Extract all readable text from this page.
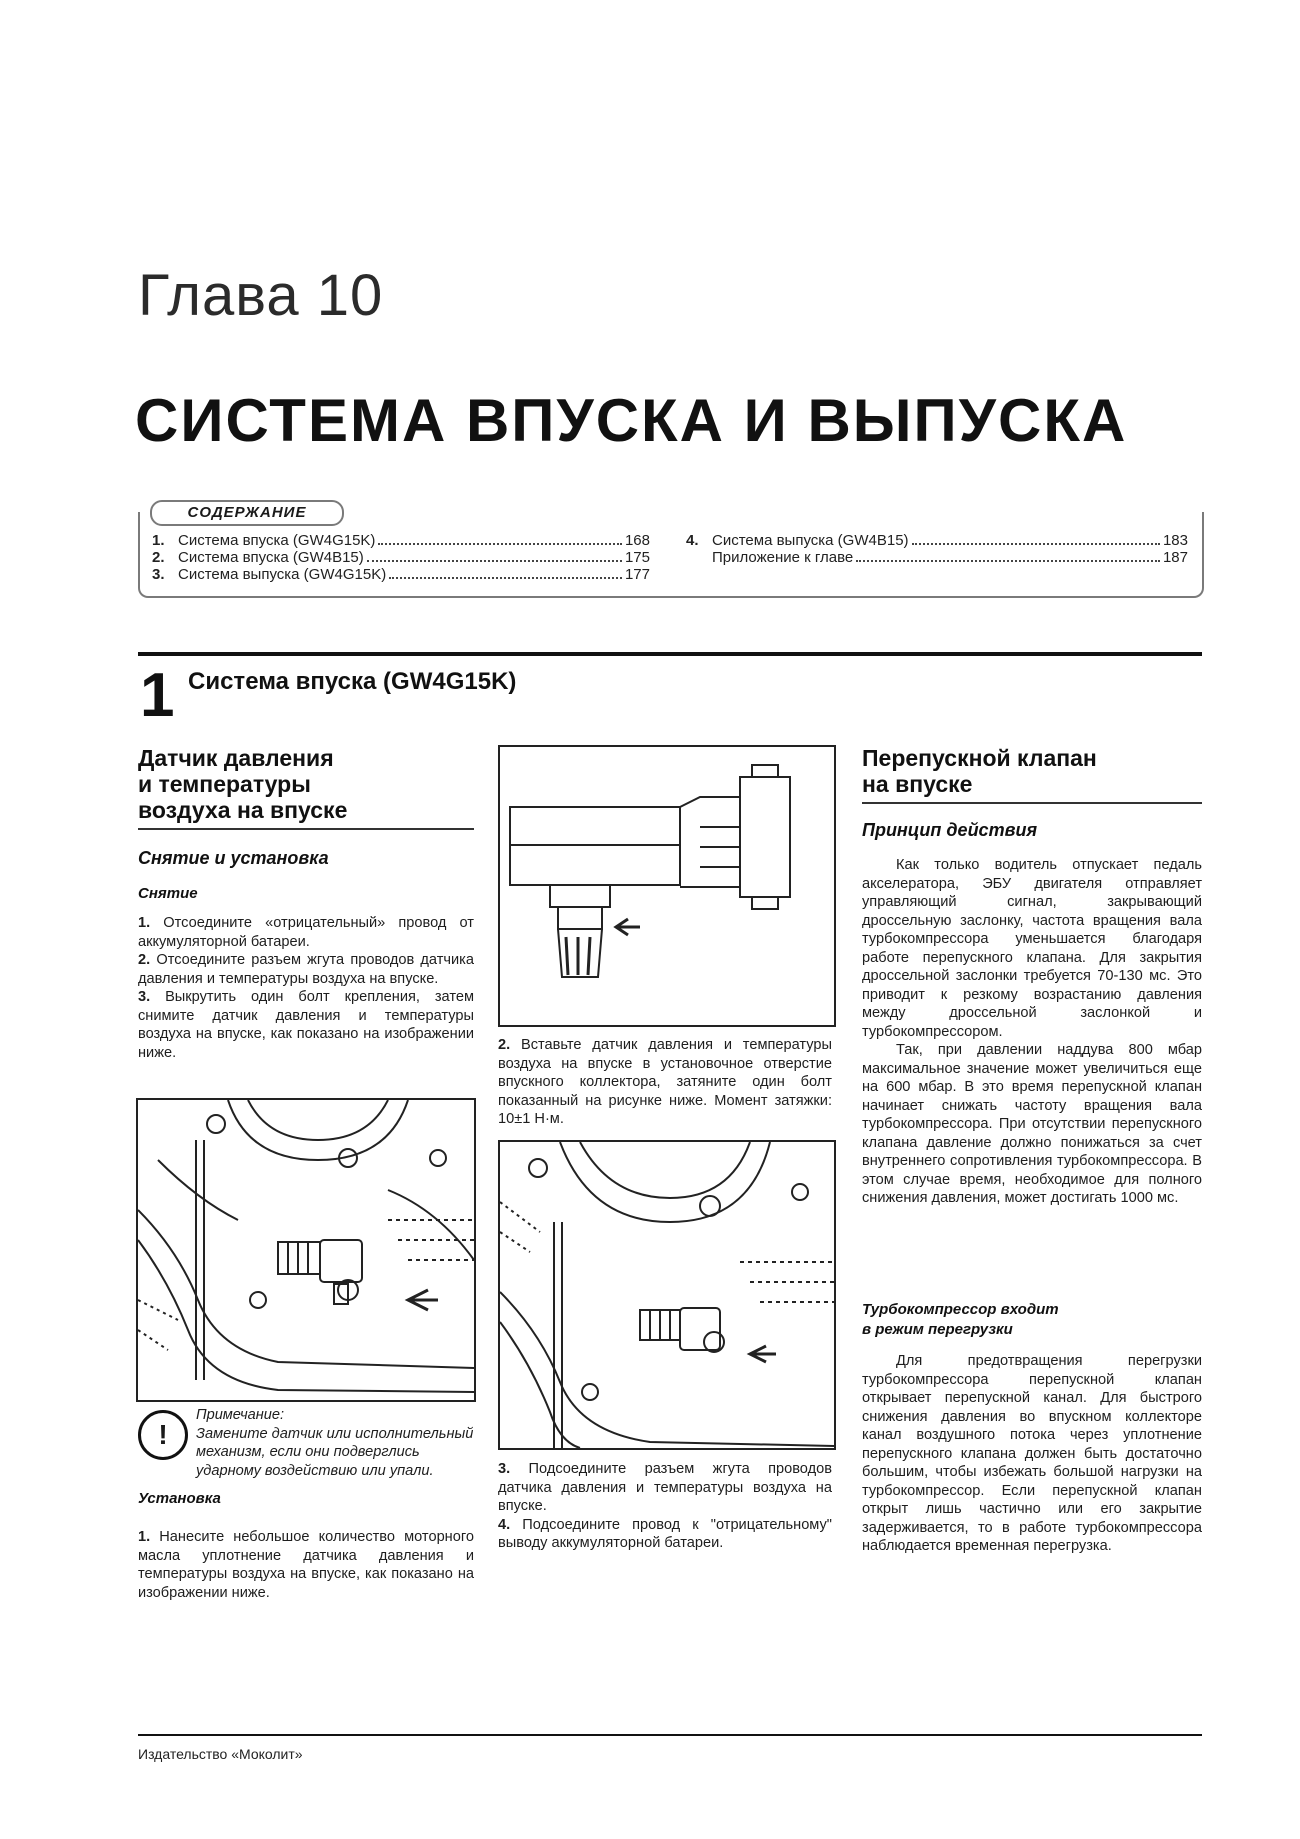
Глава 10
СИСТЕМА ВПУСКА И ВЫПУСКА
СОДЕРЖАНИЕ
1. Система впуска (GW4G15K)	168
2. Система впуска (GW4B15)	175
3. Система выпуска (GW4G15K)	177
4. Система выпуска (GW4B15)	183
Приложение к главе	187
1 Система впуска (GW4G15K)
Датчик давления
и температуры
воздуха на впуске
Снятие и установка
Снятие
1. Отсоедините «отрицательный» провод от аккумуляторной батареи.
2. Отсоедините разъем жгута проводов датчика давления и температуры воздуха на впуске.
3. Выкрутить один болт крепления, затем снимите датчик давления и температуры воздуха на впуске, как показано на изображении ниже.
!
Примечание:
Замените датчик или исполнительный механизм, если они подверглись ударному воздействию или упали.
Установка
1. Нанесите небольшое количество моторного масла уплотнение датчика давления и температуры воздуха на впуске, как показано на изображении ниже.
2. Вставьте датчик давления и температуры воздуха на впуске в установочное отверстие впускного коллектора, затяните один болт показанный на рисунке ниже. Момент затяжки: 10±1 Н·м.
3. Подсоедините разъем жгута проводов датчика давления и температуры воздуха на впуске.
4. Подсоедините провод к "отрицательному" выводу аккумуляторной батареи.
Перепускной клапан
на впуске
Принцип действия
Как только водитель отпускает педаль акселератора, ЭБУ двигателя отправляет управляющий сигнал, закрывающий дроссельную заслонку, частота вращения вала турбокомпрессора уменьшается благодаря работе перепускного клапана. Для закрытия дроссельной заслонки требуется 70-130 мс. Это приводит к резкому возрастанию давления между дроссельной заслонкой и турбокомпрессором.
Так, при давлении наддува 800 мбар максимальное значение может увеличиться еще на 600 мбар. В это время перепускной клапан начинает снижать частоту вращения вала турбокомпрессора. При отсутствии перепускного клапана давление должно понижаться за счет внутреннего сопротивления турбокомпрессора. В этом случае время, необходимое для полного снижения давления, может достигать 1000 мс.
Турбокомпрессор входит
в режим перегрузки
Для предотвращения перегрузки турбокомпрессора перепускной клапан открывает перепускной канал. Для быстрого снижения давления во впускном коллекторе канал воздушного потока через уплотнение перепускного клапана должен быть достаточно большим, чтобы избежать большой нагрузки на турбокомпрессор. Если перепускной клапан открыт лишь частично или его закрытие задерживается, то в работе турбокомпрессора наблюдается временная перегрузка.
Издательство «Моколит»
